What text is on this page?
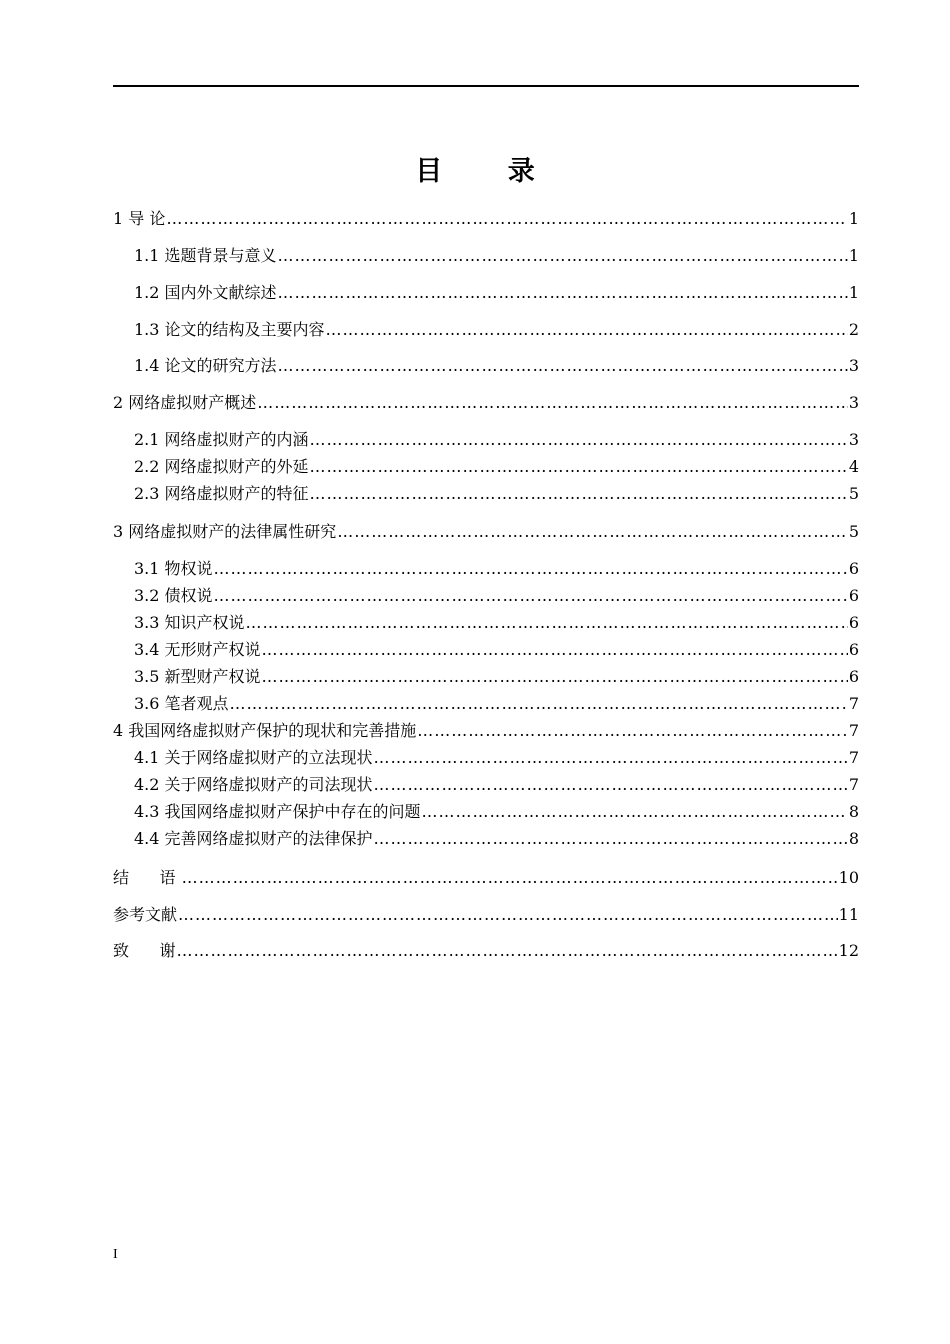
目 录
1 导 论 ……………………………………………………………………………………………………………………………………………………………………………………………	1
1.1 选题背景与意义 ……………………………………………………………………………………………………………………………………………………………………………………………	1
1.2 国内外文献综述 ……………………………………………………………………………………………………………………………………………………………………………………………	1
1.3 论文的结构及主要内容 ……………………………………………………………………………………………………………………………………………………………………………………………	2
1.4 论文的研究方法 ……………………………………………………………………………………………………………………………………………………………………………………………	3
2 网络虚拟财产概述 ……………………………………………………………………………………………………………………………………………………………………………………………	3
2.1 网络虚拟财产的内涵 ……………………………………………………………………………………………………………………………………………………………………………………………	3
2.2 网络虚拟财产的外延 ……………………………………………………………………………………………………………………………………………………………………………………………	4
2.3 网络虚拟财产的特征 ……………………………………………………………………………………………………………………………………………………………………………………………	5
3 网络虚拟财产的法律属性研究 ……………………………………………………………………………………………………………………………………………………………………………………………	5
3.1 物权说 ……………………………………………………………………………………………………………………………………………………………………………………………	6
3.2 债权说 ……………………………………………………………………………………………………………………………………………………………………………………………	6
3.3 知识产权说 ……………………………………………………………………………………………………………………………………………………………………………………………	6
3.4 无形财产权说 ……………………………………………………………………………………………………………………………………………………………………………………………	6
3.5 新型财产权说 ……………………………………………………………………………………………………………………………………………………………………………………………	6
3.6 笔者观点 ……………………………………………………………………………………………………………………………………………………………………………………………	7
4 我国网络虚拟财产保护的现状和完善措施 ……………………………………………………………………………………………………………………………………………………………………………………………	7
4.1 关于网络虚拟财产的立法现状 ……………………………………………………………………………………………………………………………………………………………………………………………	7
4.2 关于网络虚拟财产的司法现状 ……………………………………………………………………………………………………………………………………………………………………………………………	7
4.3 我国网络虚拟财产保护中存在的问题 ……………………………………………………………………………………………………………………………………………………………………………………………	8
4.4 完善网络虚拟财产的法律保护 ……………………………………………………………………………………………………………………………………………………………………………………………	8
结      语 ……………………………………………………………………………………………………………………………………………………………………………………………	10
参考文献 ……………………………………………………………………………………………………………………………………………………………………………………………	11
致      谢 ……………………………………………………………………………………………………………………………………………………………………………………………	12
I
